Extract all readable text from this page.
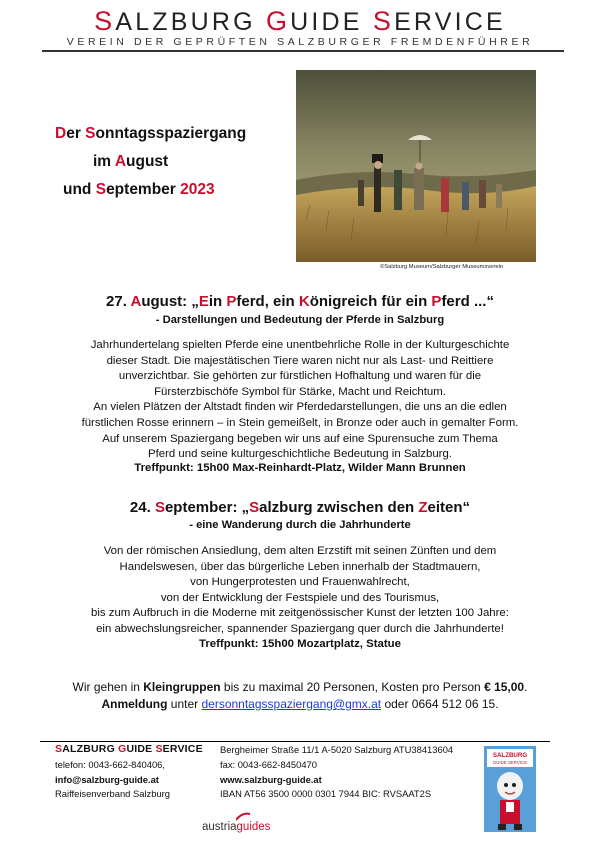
SALZBURG GUIDE SERVICE
VEREIN DER GEPRÜFTEN SALZBURGER FREMDENFÜHRER
Der Sonntagsspaziergang
im August
und September 2023
©Salzburg Museum/Salzburger Museumsverein
27. August: „Ein Pferd, ein Königreich für ein Pferd ...“
- Darstellungen und Bedeutung der Pferde in Salzburg
Jahrhundertelang spielten Pferde eine unentbehrliche Rolle in der Kulturgeschichte
dieser Stadt. Die majestätischen Tiere waren nicht nur als Last- und Reittiere
unverzichtbar. Sie gehörten zur fürstlichen Hofhaltung und waren für die
Fürsterzbischöfe Symbol für Stärke, Macht und Reichtum.
An vielen Plätzen der Altstadt finden wir Pferdedarstellungen, die uns an die edlen
fürstlichen Rosse erinnern – in Stein gemeißelt, in Bronze oder auch in gemalter Form.
Auf unserem Spaziergang begeben wir uns auf eine Spurensuche zum Thema
Pferd und seine kulturgeschichtliche Bedeutung in Salzburg.
Treffpunkt: 15h00 Max-Reinhardt-Platz, Wilder Mann Brunnen
24. September: „Salzburg zwischen den Zeiten“
- eine Wanderung durch die Jahrhunderte
Von der römischen Ansiedlung, dem alten Erzstift mit seinen Zünften und dem
Handelswesen, über das bürgerliche Leben innerhalb der Stadtmauern,
von Hungerprotesten und Frauenwahlrecht,
von der Entwicklung der Festspiele und des Tourismus,
bis zum Aufbruch in die Moderne mit zeitgenössischer Kunst der letzten 100 Jahre:
ein abwechslungsreicher, spannender Spaziergang quer durch die Jahrhunderte!
Treffpunkt: 15h00 Mozartplatz, Statue
Wir gehen in Kleingruppen bis zu maximal 20 Personen, Kosten pro Person € 15,00.
Anmeldung unter dersonntagsspaziergang@gmx.at oder 0664 512 06 15.
SALZBURG GUIDE SERVICE Bergheimer Straße 11/1 A-5020 Salzburg ATU38413604
telefon: 0043-662-840406,	fax: 0043-662-8450470
info@salzburg-guide.at	www.salzburg-guide.at
Raiffeisenverband Salzburg	IBAN AT56 3500 0000 0301 7944 BIC: RVSAAT2S
austriaguides
SALZBURG
GUIDE SERVICE
